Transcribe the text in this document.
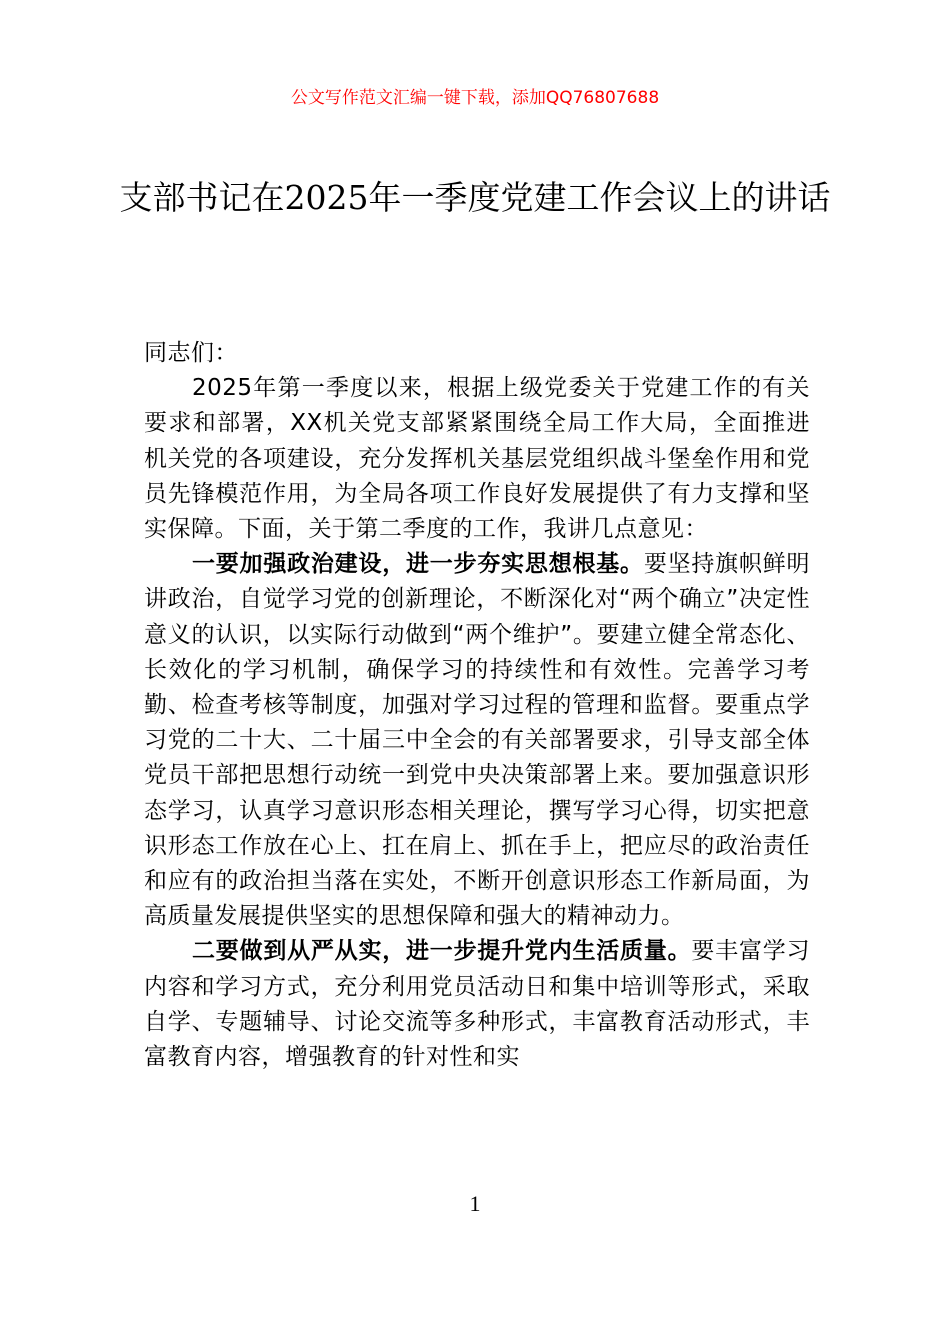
公文写作范文汇编一键下载，添加QQ76807688
支部书记在2025年一季度党建工作会议上的讲话

同志们：

2025年第一季度以来，根据上级党委关于党建工作的有关要求和部署，XX机关党支部紧紧围绕全局工作大局，全面推进机关党的各项建设，充分发挥机关基层党组织战斗堡垒作用和党员先锋模范作用，为全局各项工作良好发展提供了有力支撑和坚实保障。下面，关于第二季度的工作，我讲几点意见：

一要加强政治建设，进一步夯实思想根基。要坚持旗帜鲜明讲政治，自觉学习党的创新理论，不断深化对“两个确立”决定性意义的认识，以实际行动做到“两个维护”。要建立健全常态化、长效化的学习机制，确保学习的持续性和有效性。完善学习考勤、检查考核等制度，加强对学习过程的管理和监督。要重点学习党的二十大、二十届三中全会的有关部署要求，引导支部全体党员干部把思想行动统一到党中央决策部署上来。要加强意识形态学习，认真学习意识形态相关理论，撰写学习心得，切实把意识形态工作放在心上、扛在肩上、抓在手上，把应尽的政治责任和应有的政治担当落在实处，不断开创意识形态工作新局面，为高质量发展提供坚实的思想保障和强大的精神动力。

二要做到从严从实，进一步提升党内生活质量。要丰富学习内容和学习方式，充分利用党员活动日和集中培训等形式，采取自学、专题辅导、讨论交流等多种形式，丰富教育活动形式，丰富教育内容，增强教育的针对性和实

1
